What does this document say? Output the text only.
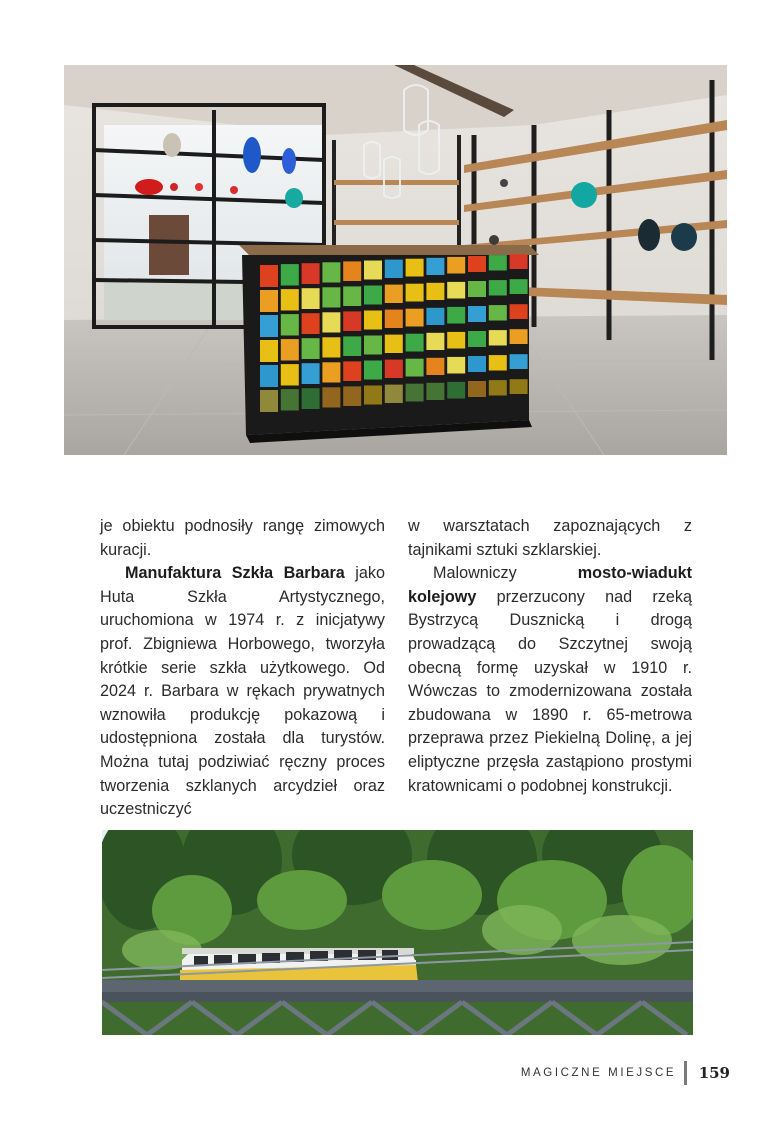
je obiektu podnosiły rangę zimowych kuracji.

Manufaktura Szkła Barbara jako Huta Szkła Artystycznego, uruchomiona w 1974 r. z inicjatywy prof. Zbigniewa Horbowego, tworzyła krótkie serie szkła użytkowego. Od 2024 r. Barbara w rękach prywatnych wznowiła produkcję pokazową i udostępniona została dla turystów. Można tutaj podziwiać ręczny proces tworzenia szklanych arcydzieł oraz uczestniczyć

w warsztatach zapoznających z tajnikami sztuki szklarskiej.

Malowniczy mosto-wiadukt kolejowy przerzucony nad rzeką Bystrzycą Dusznicką i drogą prowadzącą do Szczytnej swoją obecną formę uzyskał w 1910 r. Wówczas to zmodernizowana została zbudowana w 1890 r. 65-metrowa przeprawa przez Piekielną Dolinę, a jej eliptyczne przęsła zastąpiono prostymi kratownicami o podobnej konstrukcji.

MAGICZNE MIEJSCE 159
